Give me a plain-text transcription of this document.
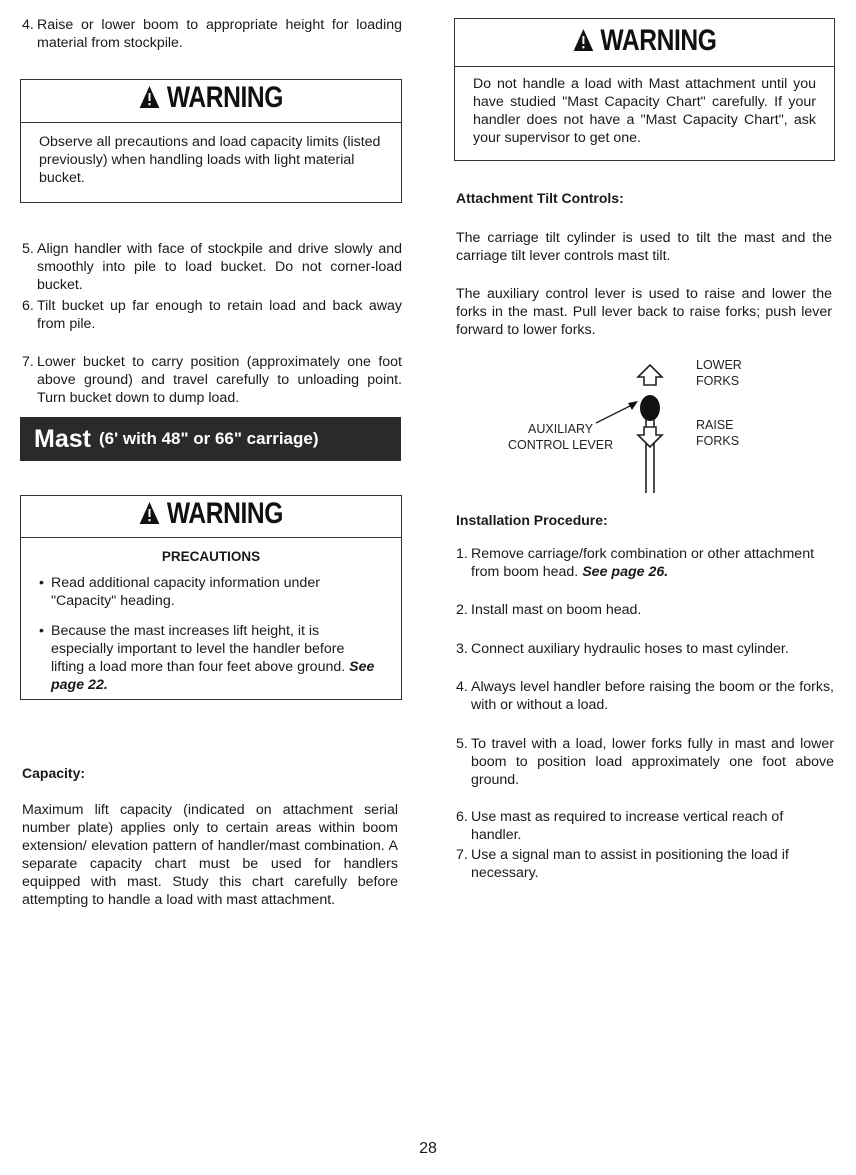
4. Raise or lower boom to appropriate height for loading material from stockpile.
WARNING

Observe all precautions and load capacity limits (listed previously) when handling loads with light material bucket.

5. Align handler with face of stockpile and drive slowly and smoothly into pile to load bucket. Do not corner-load bucket.
6. Tilt bucket up far enough to retain load and back away from pile.
7. Lower bucket to carry position (approximately one foot above ground) and travel carefully to unloading point. Turn bucket down to dump load.
Mast (6' with 48" or 66" carriage)
WARNING
PRECAUTIONS
• Read additional capacity information under "Capacity" heading.
• Because the mast increases lift height, it is especially important to level the handler before lifting a load more than four feet above ground. See page 22.
Capacity:

Maximum lift capacity (indicated on attachment serial number plate) applies only to certain areas within boom extension/ elevation pattern of handler/mast combination. A separate capacity chart must be used for handlers equipped with mast. Study this chart carefully before attempting to handle a load with mast attachment.

WARNING

Do not handle a load with Mast attachment until you have studied "Mast Capacity Chart" carefully. If your handler does not have a "Mast Capacity Chart", ask your supervisor to get one.

Attachment Tilt Controls:

The carriage tilt cylinder is used to tilt the mast and the carriage tilt lever controls mast tilt.

The auxiliary control lever is used to raise and lower the forks in the mast. Pull lever back to raise forks; push lever forward to lower forks.

LOWER
FORKS
RAISE
FORKS
AUXILIARY
CONTROL LEVER
Installation Procedure:
1. Remove carriage/fork combination or other attachment from boom head. See page 26.
2. Install mast on boom head.
3. Connect auxiliary hydraulic hoses to mast cylinder.
4. Always level handler before raising the boom or the forks, with or without a load.
5. To travel with a load, lower forks fully in mast and lower boom to position load approximately one foot above ground.
6. Use mast as required to increase vertical reach of handler.
7. Use a signal man to assist in positioning the load if necessary.
28
